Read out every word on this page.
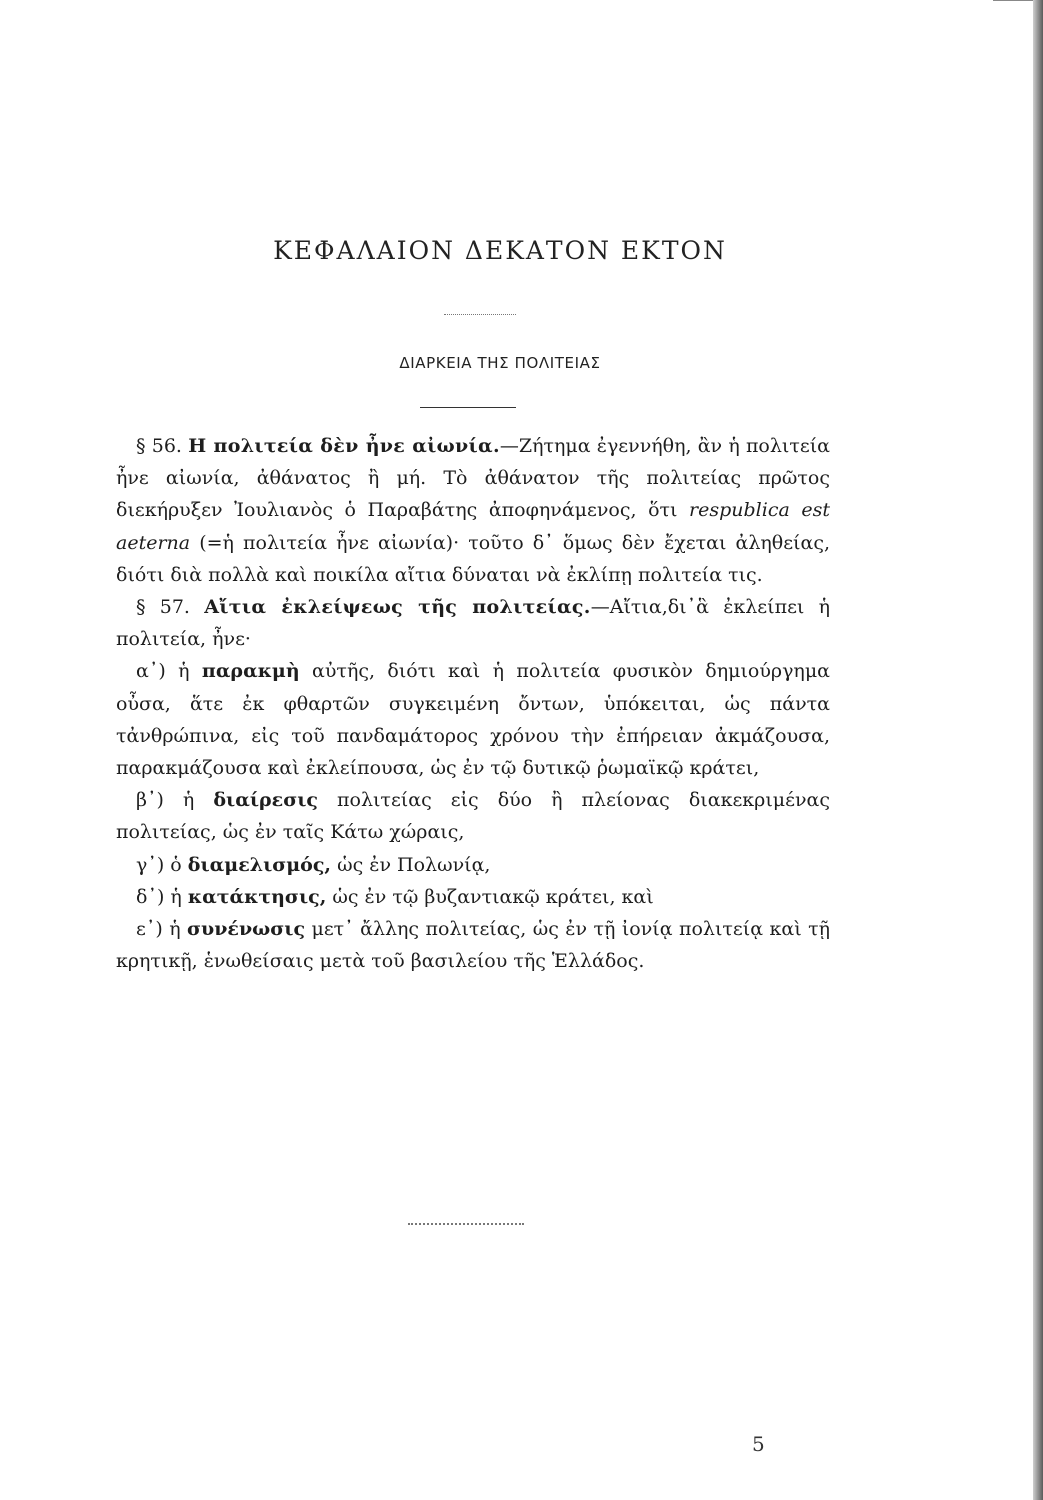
ΚΕΦΑΛΑΙΟΝ ΔΕΚΑΤΟΝ ΕΚΤΟΝ
ΔΙΑΡΚΕΙΑ ΤΗΣ ΠΟΛΙΤΕΙΑΣ

§ 56. Η πολιτεία δὲν ἦνε αἰωνία.—Ζήτημα ἐγεννήθη, ἂν ἡ πολιτεία ἦνε αἰωνία, ἀθάνατος ἢ μή. Τὸ ἀθάνατον τῆς πολιτείας πρῶτος διεκήρυξεν Ἰουλιανὸς ὁ Παραβάτης ἀποφηνάμενος, ὅτι respublica est aeterna (=ἡ πολιτεία ἦνε αἰωνία)· τοῦτο δ᾽ ὅμως δὲν ἔχεται ἀληθείας, διότι διὰ πολλὰ καὶ ποικίλα αἴτια δύναται νὰ ἐκλίπῃ πολιτεία τις.

§ 57. Αἴτια ἐκλείψεως τῆς πολιτείας.—Αἴτια,δι᾽ἃ ἐκλείπει ἡ πολιτεία, ἦνε·

α᾽) ἡ παρακμὴ αὐτῆς, διότι καὶ ἡ πολιτεία φυσικὸν δημιούργημα οὖσα, ἅτε ἐκ φθαρτῶν συγκειμένη ὄντων, ὑπόκειται, ὡς πάντα τἀνθρώπινα, εἰς τοῦ πανδαμάτορος χρόνου τὴν ἐπήρειαν ἀκμάζουσα, παρακμάζουσα καὶ ἐκλείπουσα, ὡς ἐν τῷ δυτικῷ ῥωμαϊκῷ κράτει,

β᾽) ἡ διαίρεσις πολιτείας εἰς δύο ἢ πλείονας διακεκριμένας πολιτείας, ὡς ἐν ταῖς Κάτω χώραις,

γ᾽) ὁ διαμελισμός, ὡς ἐν Πολωνίᾳ,

δ᾽) ἡ κατάκτησις, ὡς ἐν τῷ βυζαντιακῷ κράτει, καὶ

ε᾽) ἡ συνένωσις μετ᾽ ἄλλης πολιτείας, ὡς ἐν τῇ ἰονίᾳ πολιτείᾳ καὶ τῇ κρητικῇ, ἑνωθείσαις μετὰ τοῦ βασιλείου τῆς Ἑλλάδος.

5
